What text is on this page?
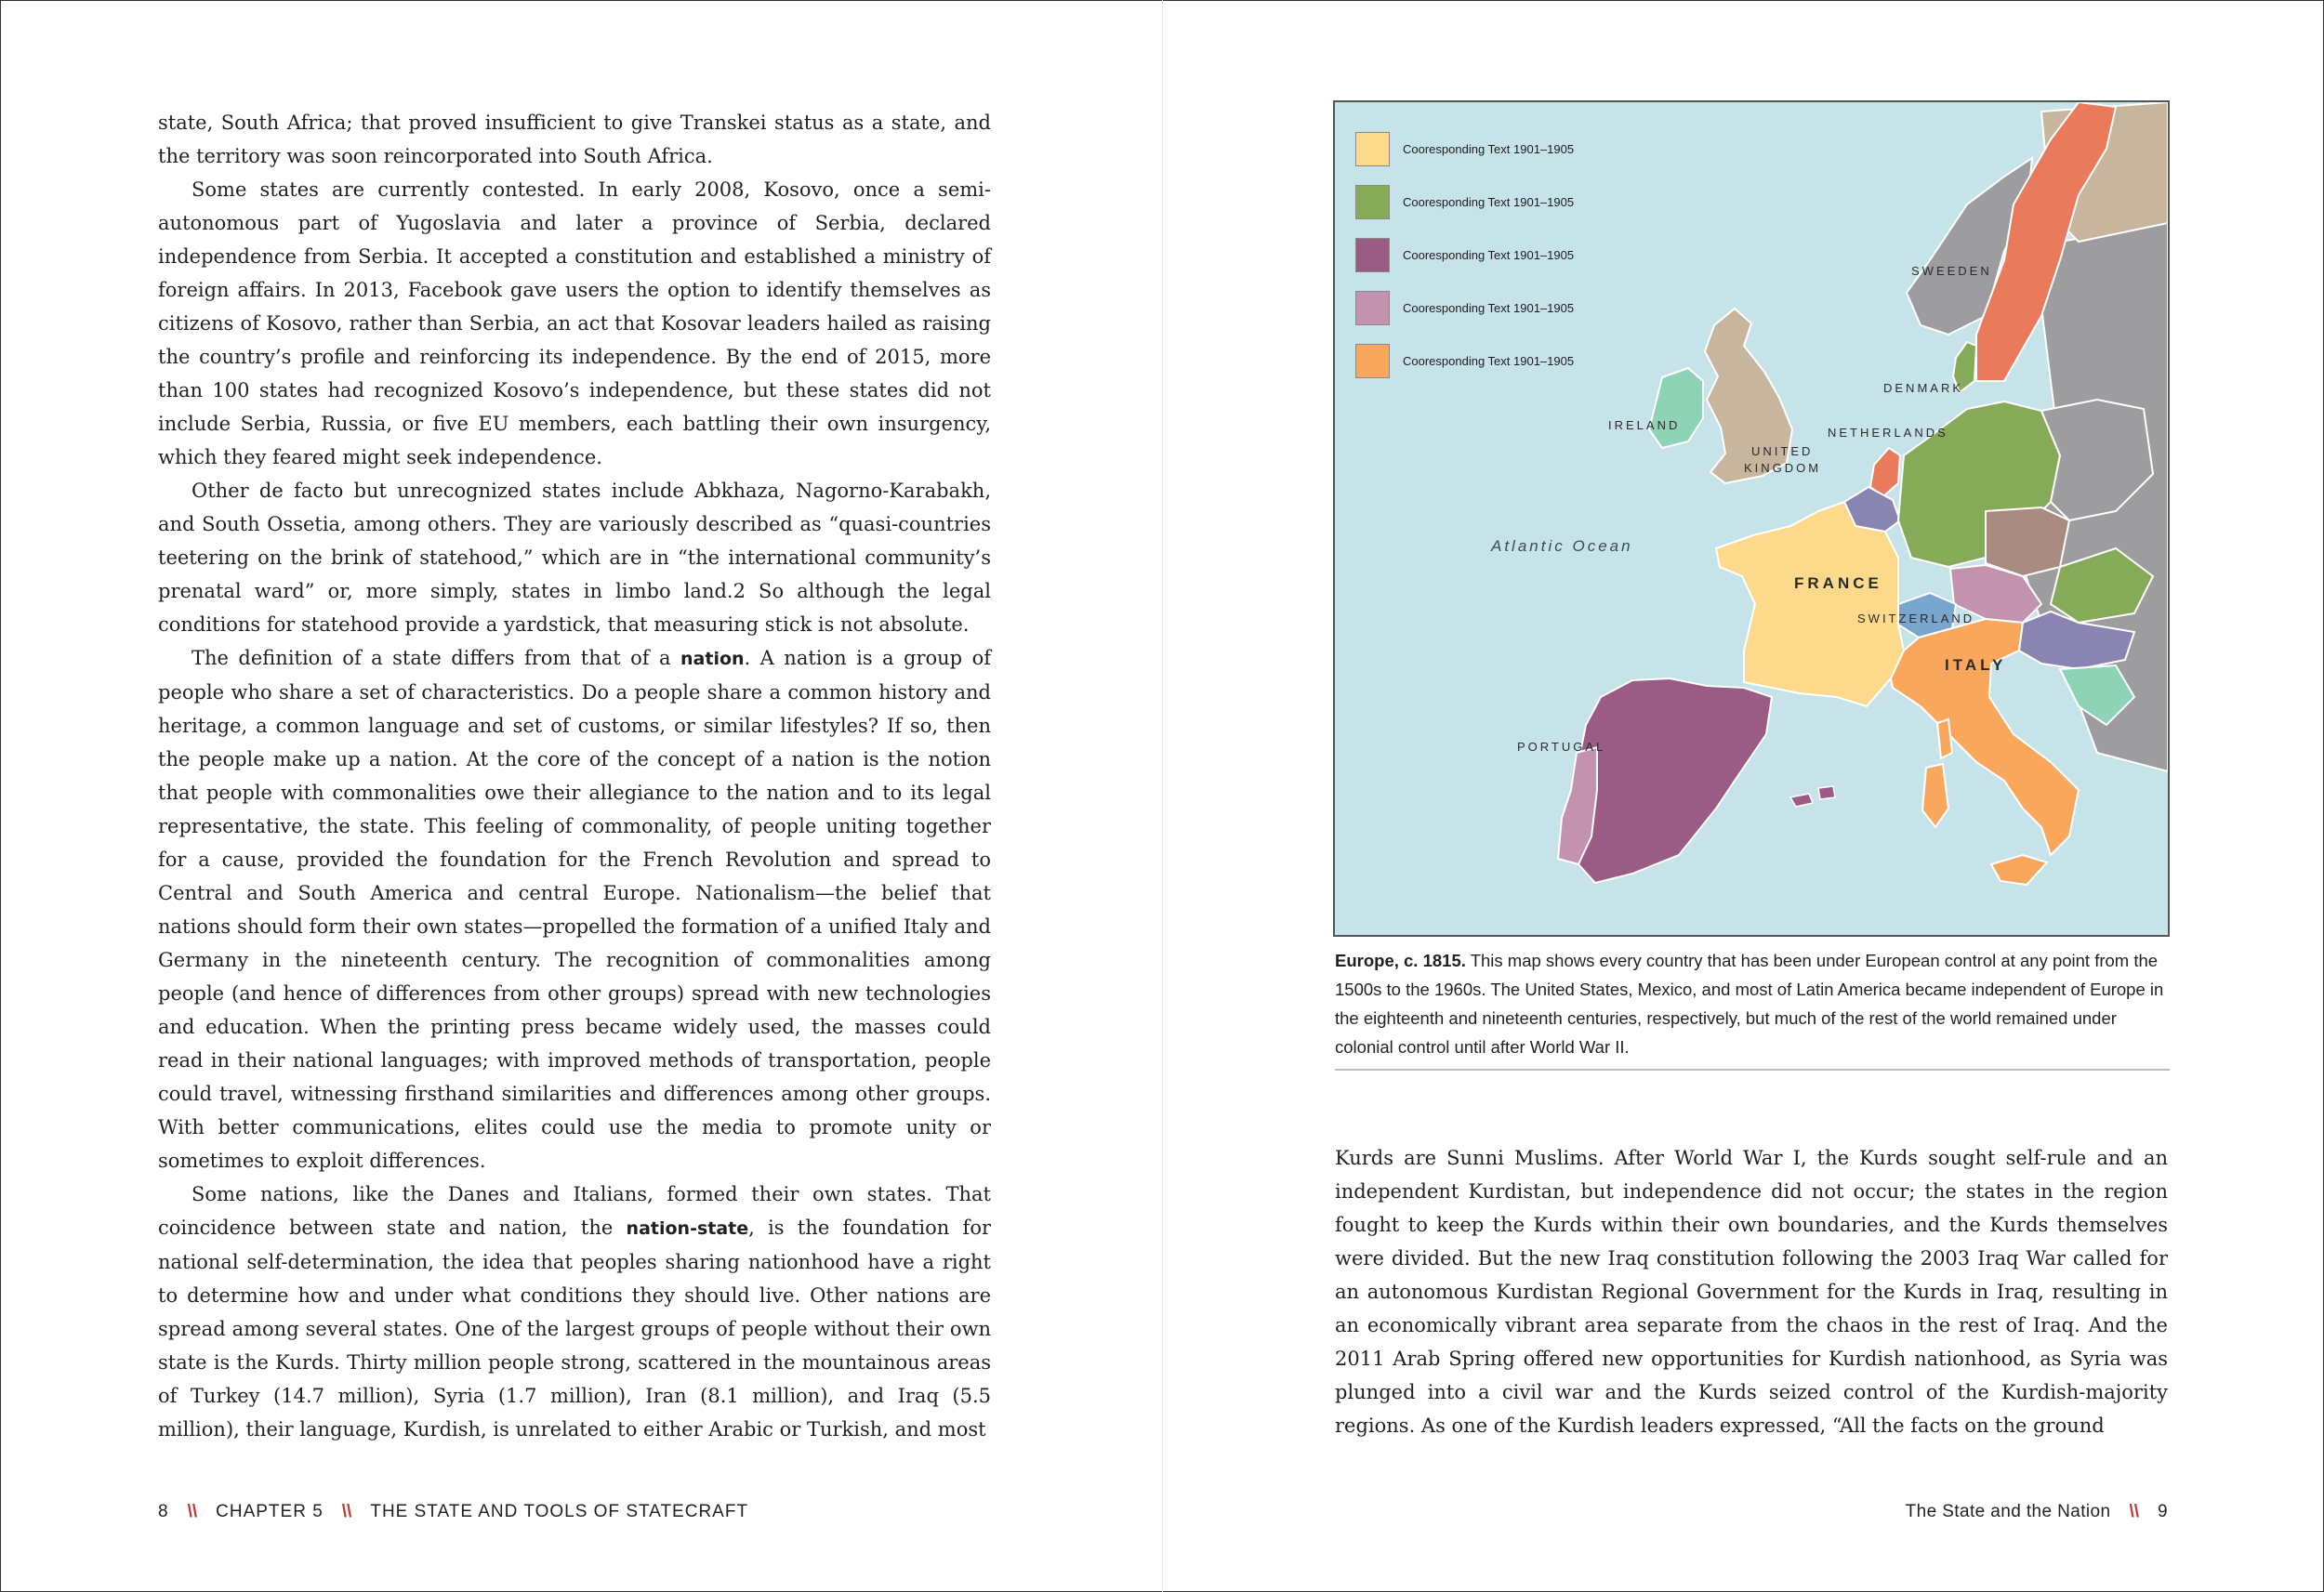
state, South Africa; that proved insufficient to give Transkei status as a state, and the territory was soon reincorporated into South Africa.

Some states are currently contested. In early 2008, Kosovo, once a semi-autonomous part of Yugoslavia and later a province of Serbia, declared independence from Serbia. It accepted a constitution and established a ministry of foreign affairs. In 2013, Facebook gave users the option to identify themselves as citizens of Kosovo, rather than Serbia, an act that Kosovar leaders hailed as raising the country’s profile and reinforcing its independence. By the end of 2015, more than 100 states had recognized Kosovo’s independence, but these states did not include Serbia, Russia, or five EU members, each battling their own insurgency, which they feared might seek independence.

Other de facto but unrecognized states include Abkhaza, Nagorno-Karabakh, and South Ossetia, among others. They are variously described as “quasi-countries teetering on the brink of statehood,” which are in “the international community’s prenatal ward” or, more simply, states in limbo land.2 So although the legal conditions for statehood provide a yardstick, that measuring stick is not absolute.

The definition of a state differs from that of a nation. A nation is a group of people who share a set of characteristics. Do a people share a common history and heritage, a common language and set of customs, or similar lifestyles? If so, then the people make up a nation. At the core of the concept of a nation is the notion that people with commonalities owe their allegiance to the nation and to its legal representative, the state. This feeling of commonality, of people uniting together for a cause, provided the foundation for the French Revolution and spread to Central and South America and central Europe. Nationalism—the belief that nations should form their own states—propelled the formation of a unified Italy and Germany in the nineteenth century. The recognition of commonalities among people (and hence of differences from other groups) spread with new technologies and education. When the printing press became widely used, the masses could read in their national languages; with improved methods of transportation, people could travel, witnessing firsthand similarities and differences among other groups. With better communications, elites could use the media to promote unity or sometimes to exploit differences.

Some nations, like the Danes and Italians, formed their own states. That coincidence between state and nation, the nation-state, is the foundation for national self-determination, the idea that peoples sharing nationhood have a right to determine how and under what conditions they should live. Other nations are spread among several states. One of the largest groups of people without their own state is the Kurds. Thirty million people strong, scattered in the mountainous areas of Turkey (14.7 million), Syria (1.7 million), Iran (8.1 million), and Iraq (5.5 million), their language, Kurdish, is unrelated to either Arabic or Turkish, and most

8 \\ CHAPTER 5 \\ THE STATE AND TOOLS OF STATECRAFT
Cooresponding Text 1901–1905
Cooresponding Text 1901–1905
Cooresponding Text 1901–1905
Cooresponding Text 1901–1905
Cooresponding Text 1901–1905
SWEEDEN
DENMARK
IRELAND
NETHERLANDS
UNITED
KINGDOM
Atlantic Ocean
FRANCE
SWITZERLAND
ITALY
PORTUGAL
Europe, c. 1815. This map shows every country that has been under European control at any point from the 1500s to the 1960s. The United States, Mexico, and most of Latin America became independent of Europe in the eighteenth and nineteenth centuries, respectively, but much of the rest of the world remained under colonial control until after World War II.

Kurds are Sunni Muslims. After World War I, the Kurds sought self-rule and an independent Kurdistan, but independence did not occur; the states in the region fought to keep the Kurds within their own boundaries, and the Kurds themselves were divided. But the new Iraq constitution following the 2003 Iraq War called for an autonomous Kurdistan Regional Government for the Kurds in Iraq, resulting in an economically vibrant area separate from the chaos in the rest of Iraq. And the 2011 Arab Spring offered new opportunities for Kurdish nationhood, as Syria was plunged into a civil war and the Kurds seized control of the Kurdish-majority regions. As one of the Kurdish leaders expressed, “All the facts on the ground

The State and the Nation \\ 9
